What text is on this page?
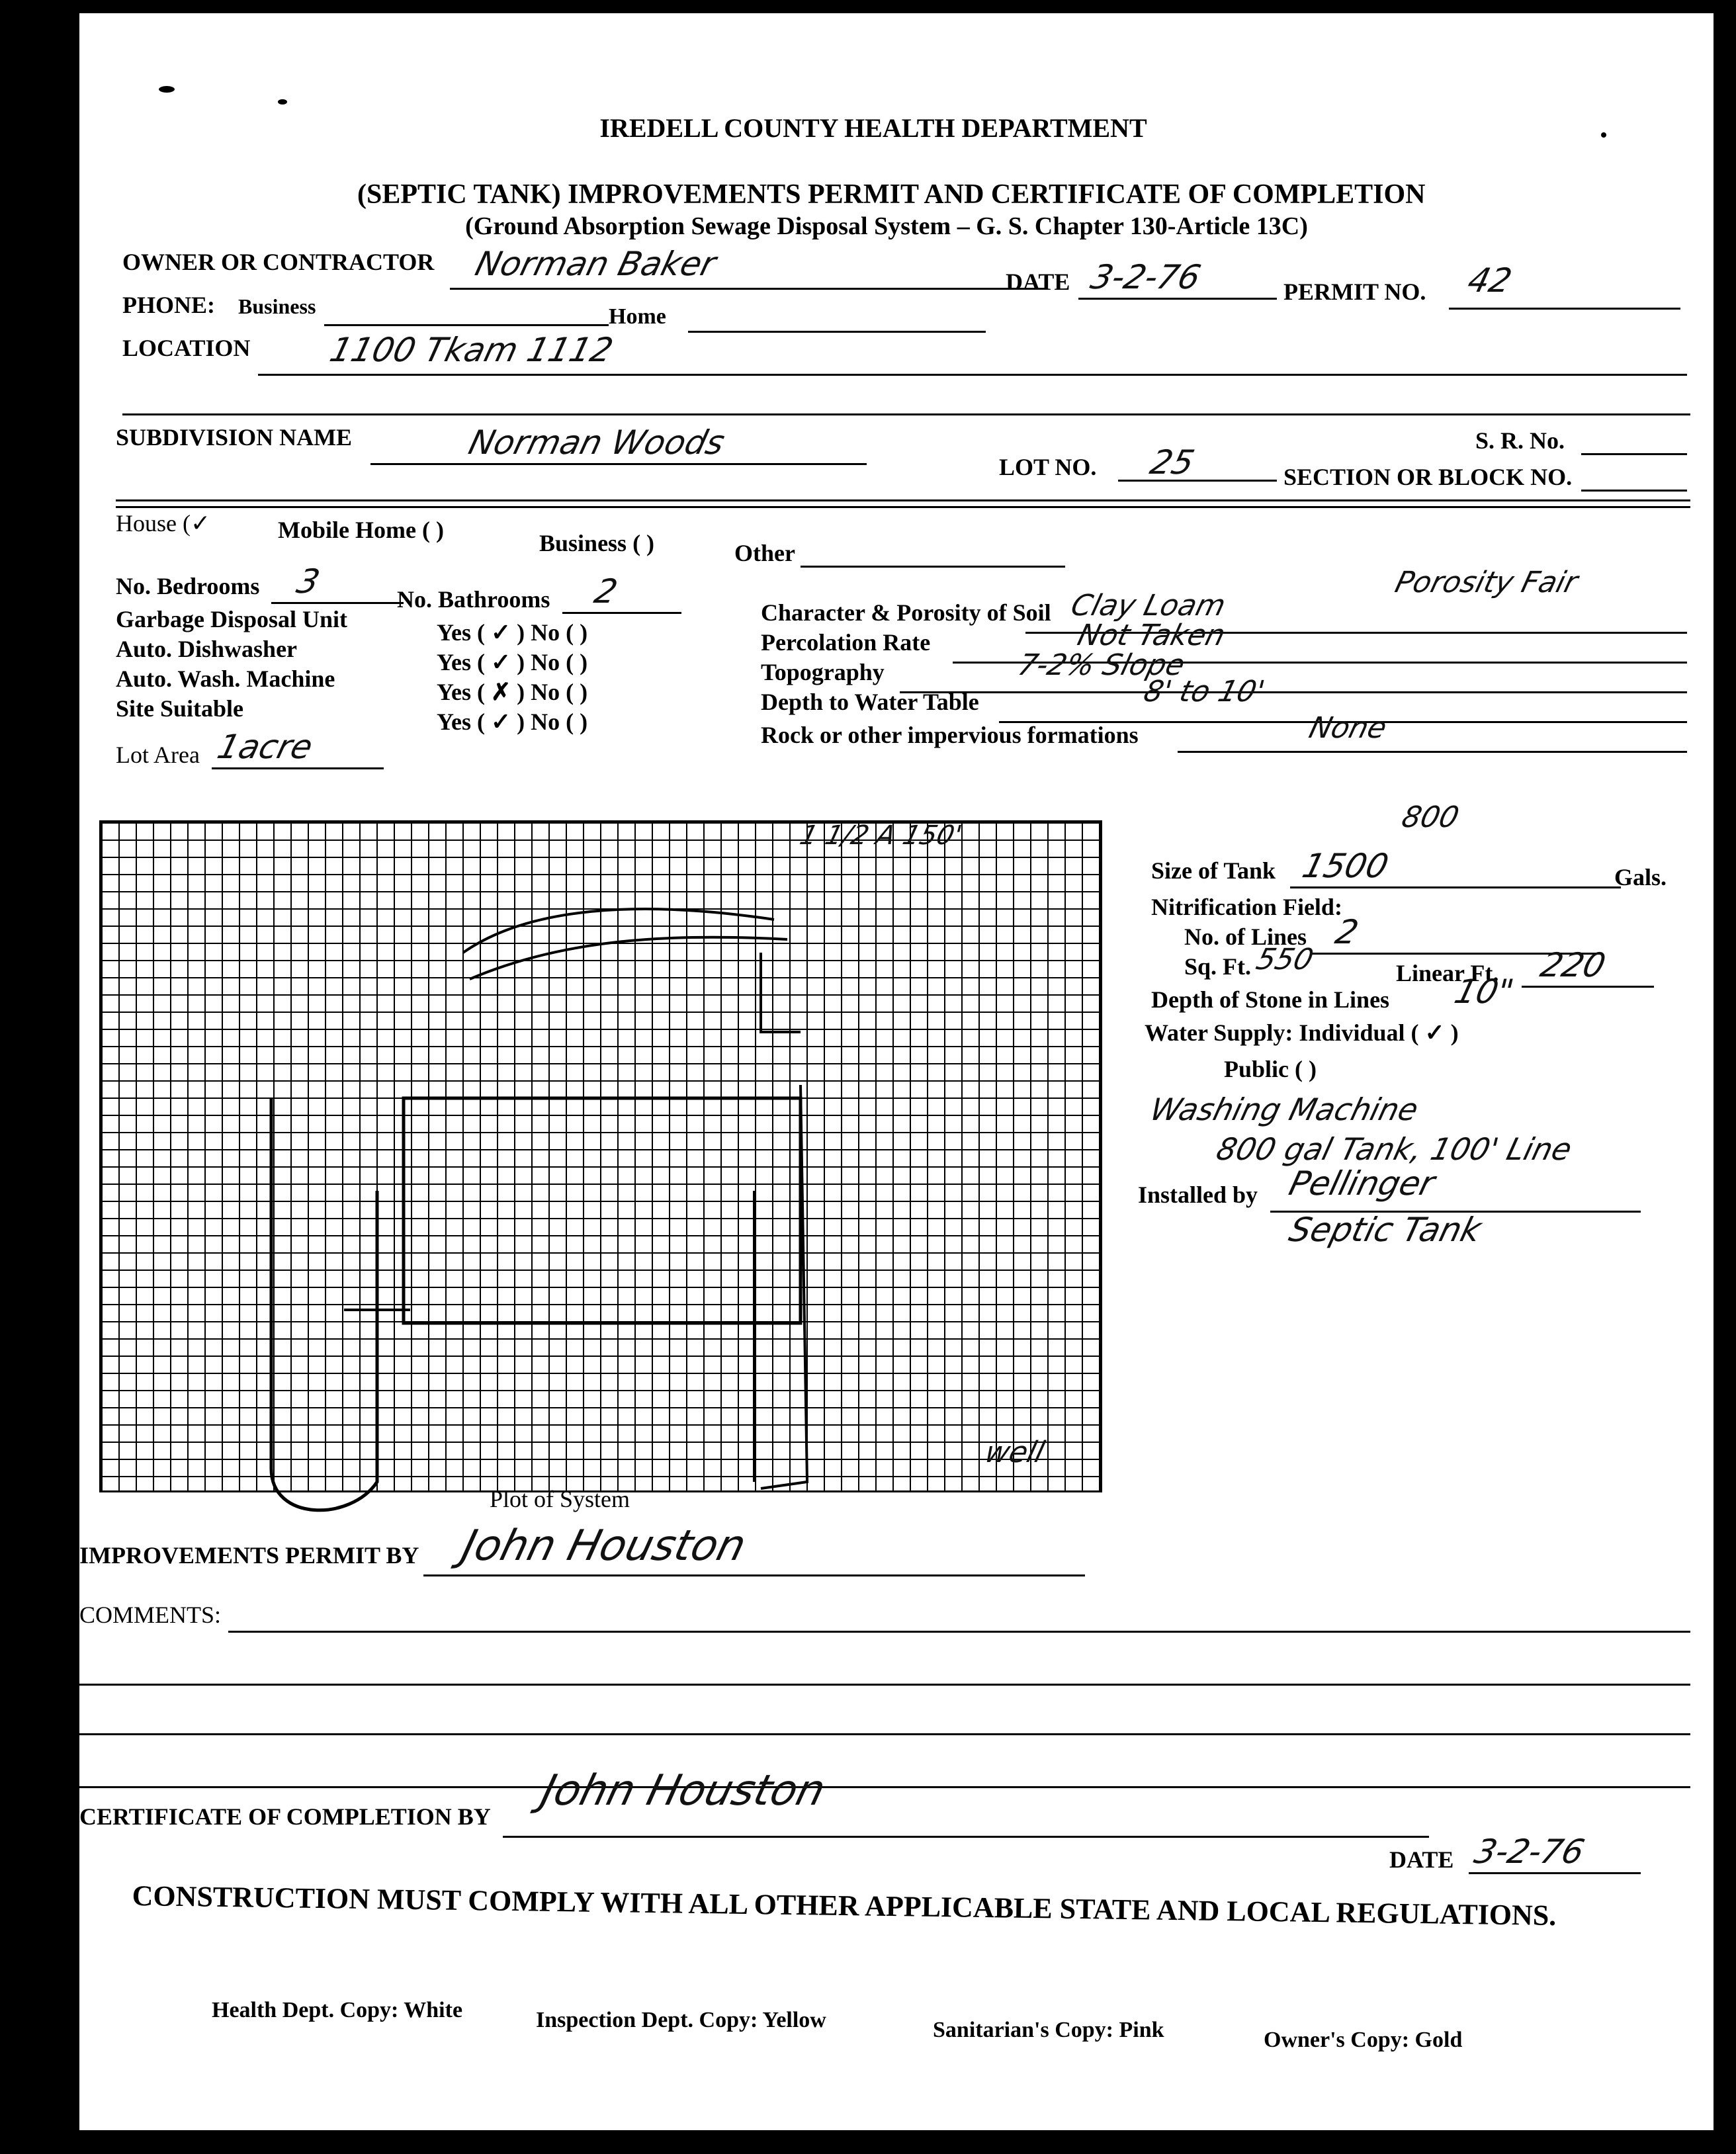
IREDELL COUNTY HEALTH DEPARTMENT
(SEPTIC TANK) IMPROVEMENTS PERMIT AND CERTIFICATE OF COMPLETION
(Ground Absorption Sewage Disposal System – G. S. Chapter 130-Article 13C)
OWNER OR CONTRACTOR Norman Baker	DATE 3-2-76	PERMIT NO. 42
PHONE: Business	Home
LOCATION 1100 Tkam 1112
SUBDIVISION NAME	Norman Woods
LOT NO. 25
S. R. No.
SECTION OR BLOCK NO.
House (✓	Mobile Home ( )	Business ( )	Other
No. Bedrooms 3	No. Bathrooms 2
Garbage Disposal Unit	Yes ( ✓ ) No ( )
Auto. Dishwasher	Yes ( ✓ ) No ( )
Auto. Wash. Machine	Yes ( ✗ ) No ( )
Site Suitable	Yes ( ✓ ) No ( )
Lot Area 1acre
Character & Porosity of Soil Clay Loam
Porosity Fair
Percolation Rate	Not Taken
Topography	7-2% Slope
Depth to Water Table	8' to 10'
Rock or other impervious formations	None
1 1/2 A 150'
well
Plot of System
800
Size of Tank 1500	Gals.
Nitrification Field:
No. of Lines 2
Sq. Ft. 550	Linear Ft. 220
Depth of Stone in Lines 10"
Water Supply: Individual ( ✓ )
Public ( )
Washing Machine
800 gal Tank, 100' Line
Installed by Pellinger
Septic Tank
IMPROVEMENTS PERMIT BY John Houston
COMMENTS:
CERTIFICATE OF COMPLETION BY
John Houston
DATE 3-2-76
CONSTRUCTION MUST COMPLY WITH ALL OTHER APPLICABLE STATE AND LOCAL REGULATIONS.
Health Dept. Copy: White	Inspection Dept. Copy: Yellow	Sanitarian's Copy: Pink	Owner's Copy: Gold
